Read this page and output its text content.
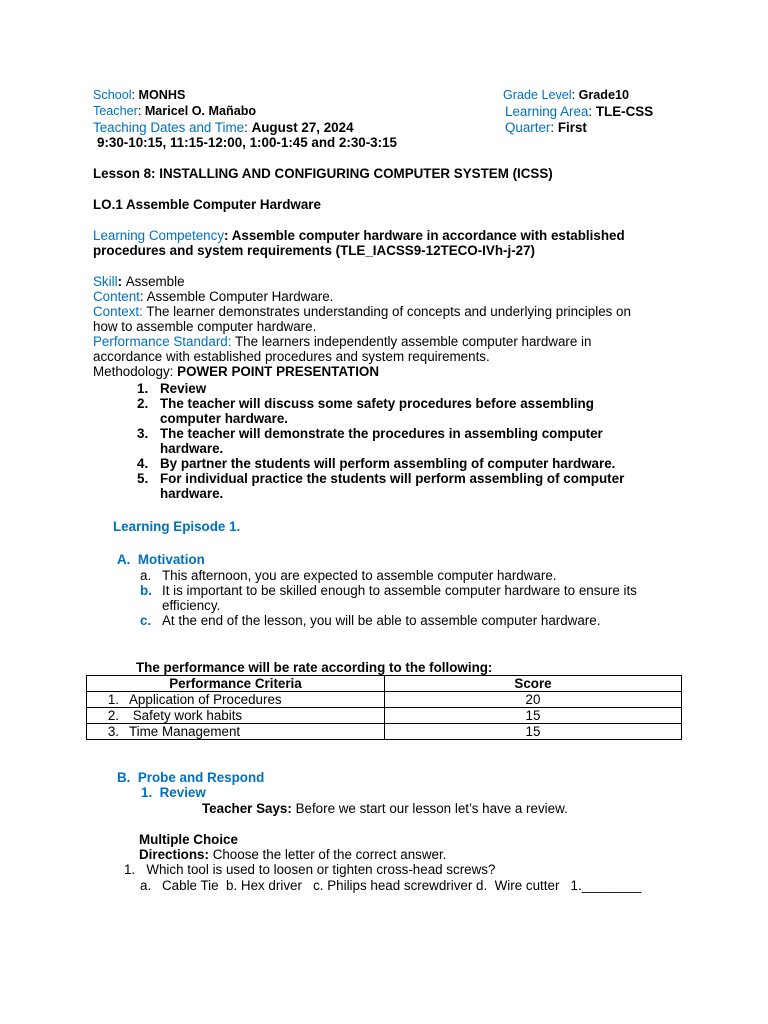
School: MONHS	Grade Level: Grade10
Teacher: Maricel O. Mañabo	Learning Area: TLE-CSS
Teaching Dates and Time: August 27, 2024	Quarter: First
9:30-10:15, 11:15-12:00, 1:00-1:45 and 2:30-3:15
Lesson 8: INSTALLING AND CONFIGURING COMPUTER SYSTEM (ICSS)
LO.1 Assemble Computer Hardware
Learning Competency: Assemble computer hardware in accordance with established
procedures and system requirements (TLE_IACSS9-12TECO-IVh-j-27)
Skill: Assemble
Content: Assemble Computer Hardware.
Context: The learner demonstrates understanding of concepts and underlying principles on
how to assemble computer hardware.
Performance Standard: The learners independently assemble computer hardware in
accordance with established procedures and system requirements.
Methodology: POWER POINT PRESENTATION
1. Review
2. The teacher will discuss some safety procedures before assembling
computer hardware.
3. The teacher will demonstrate the procedures in assembling computer
hardware.
4. By partner the students will perform assembling of computer hardware.
5. For individual practice the students will perform assembling of computer
hardware.
Learning Episode 1.
A. Motivation
a. This afternoon, you are expected to assemble computer hardware.
b. It is important to be skilled enough to assemble computer hardware to ensure its
efficiency.
c. At the end of the lesson, you will be able to assemble computer hardware.
The performance will be rate according to the following:
Performance Criteria	Score
1. Application of Procedures	20
2. Safety work habits	15
3. Time Management	15
B. Probe and Respond
1. Review
Teacher Says: Before we start our lesson let’s have a review.
Multiple Choice
Directions: Choose the letter of the correct answer.
1. Which tool is used to loosen or tighten cross-head screws?
a. Cable Tie  b. Hex driver   c. Philips head screwdriver d.  Wire cutter   1.________
